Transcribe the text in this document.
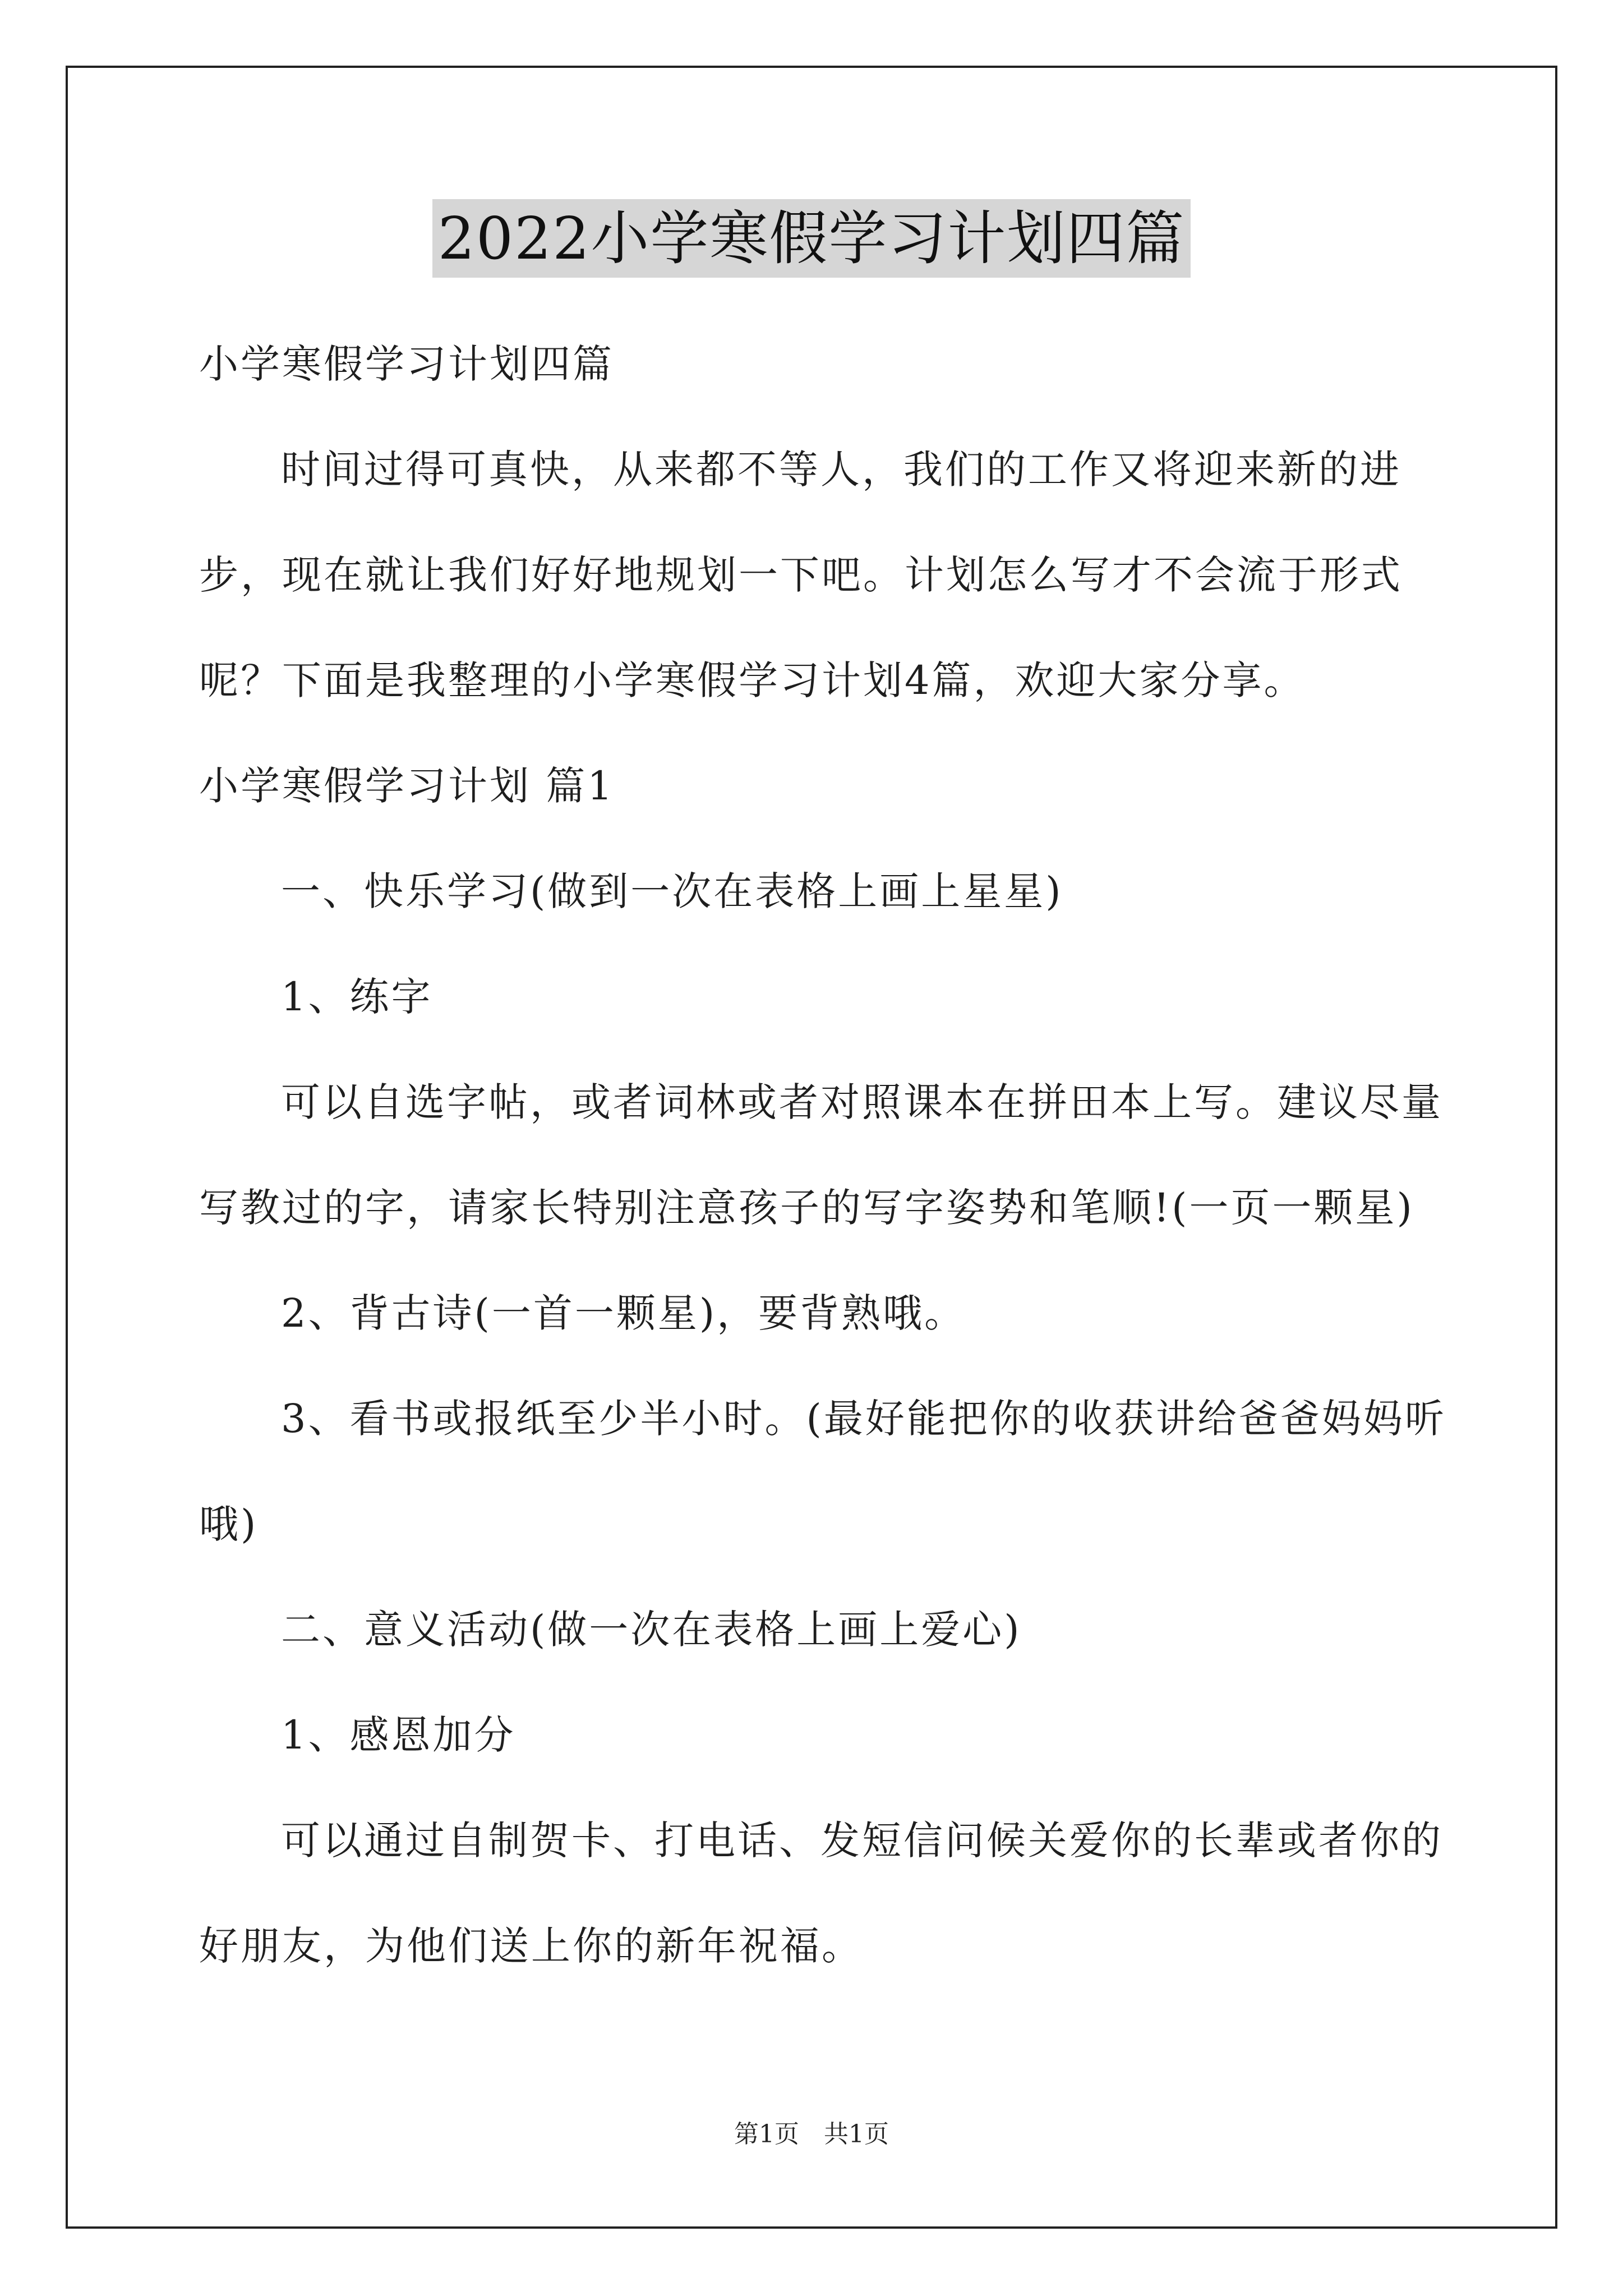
2022小学寒假学习计划四篇

小学寒假学习计划四篇

时间过得可真快，从来都不等人，我们的工作又将迎来新的进步，现在就让我们好好地规划一下吧。计划怎么写才不会流于形式呢？下面是我整理的小学寒假学习计划4篇，欢迎大家分享。

小学寒假学习计划 篇1

一、快乐学习(做到一次在表格上画上星星)

1、练字

可以自选字帖，或者词林或者对照课本在拼田本上写。建议尽量写教过的字，请家长特别注意孩子的写字姿势和笔顺!(一页一颗星)

2、背古诗(一首一颗星)，要背熟哦。

3、看书或报纸至少半小时。(最好能把你的收获讲给爸爸妈妈听哦)

二、意义活动(做一次在表格上画上爱心)

1、感恩加分

可以通过自制贺卡、打电话、发短信问候关爱你的长辈或者你的好朋友，为他们送上你的新年祝福。

第1页 共1页
